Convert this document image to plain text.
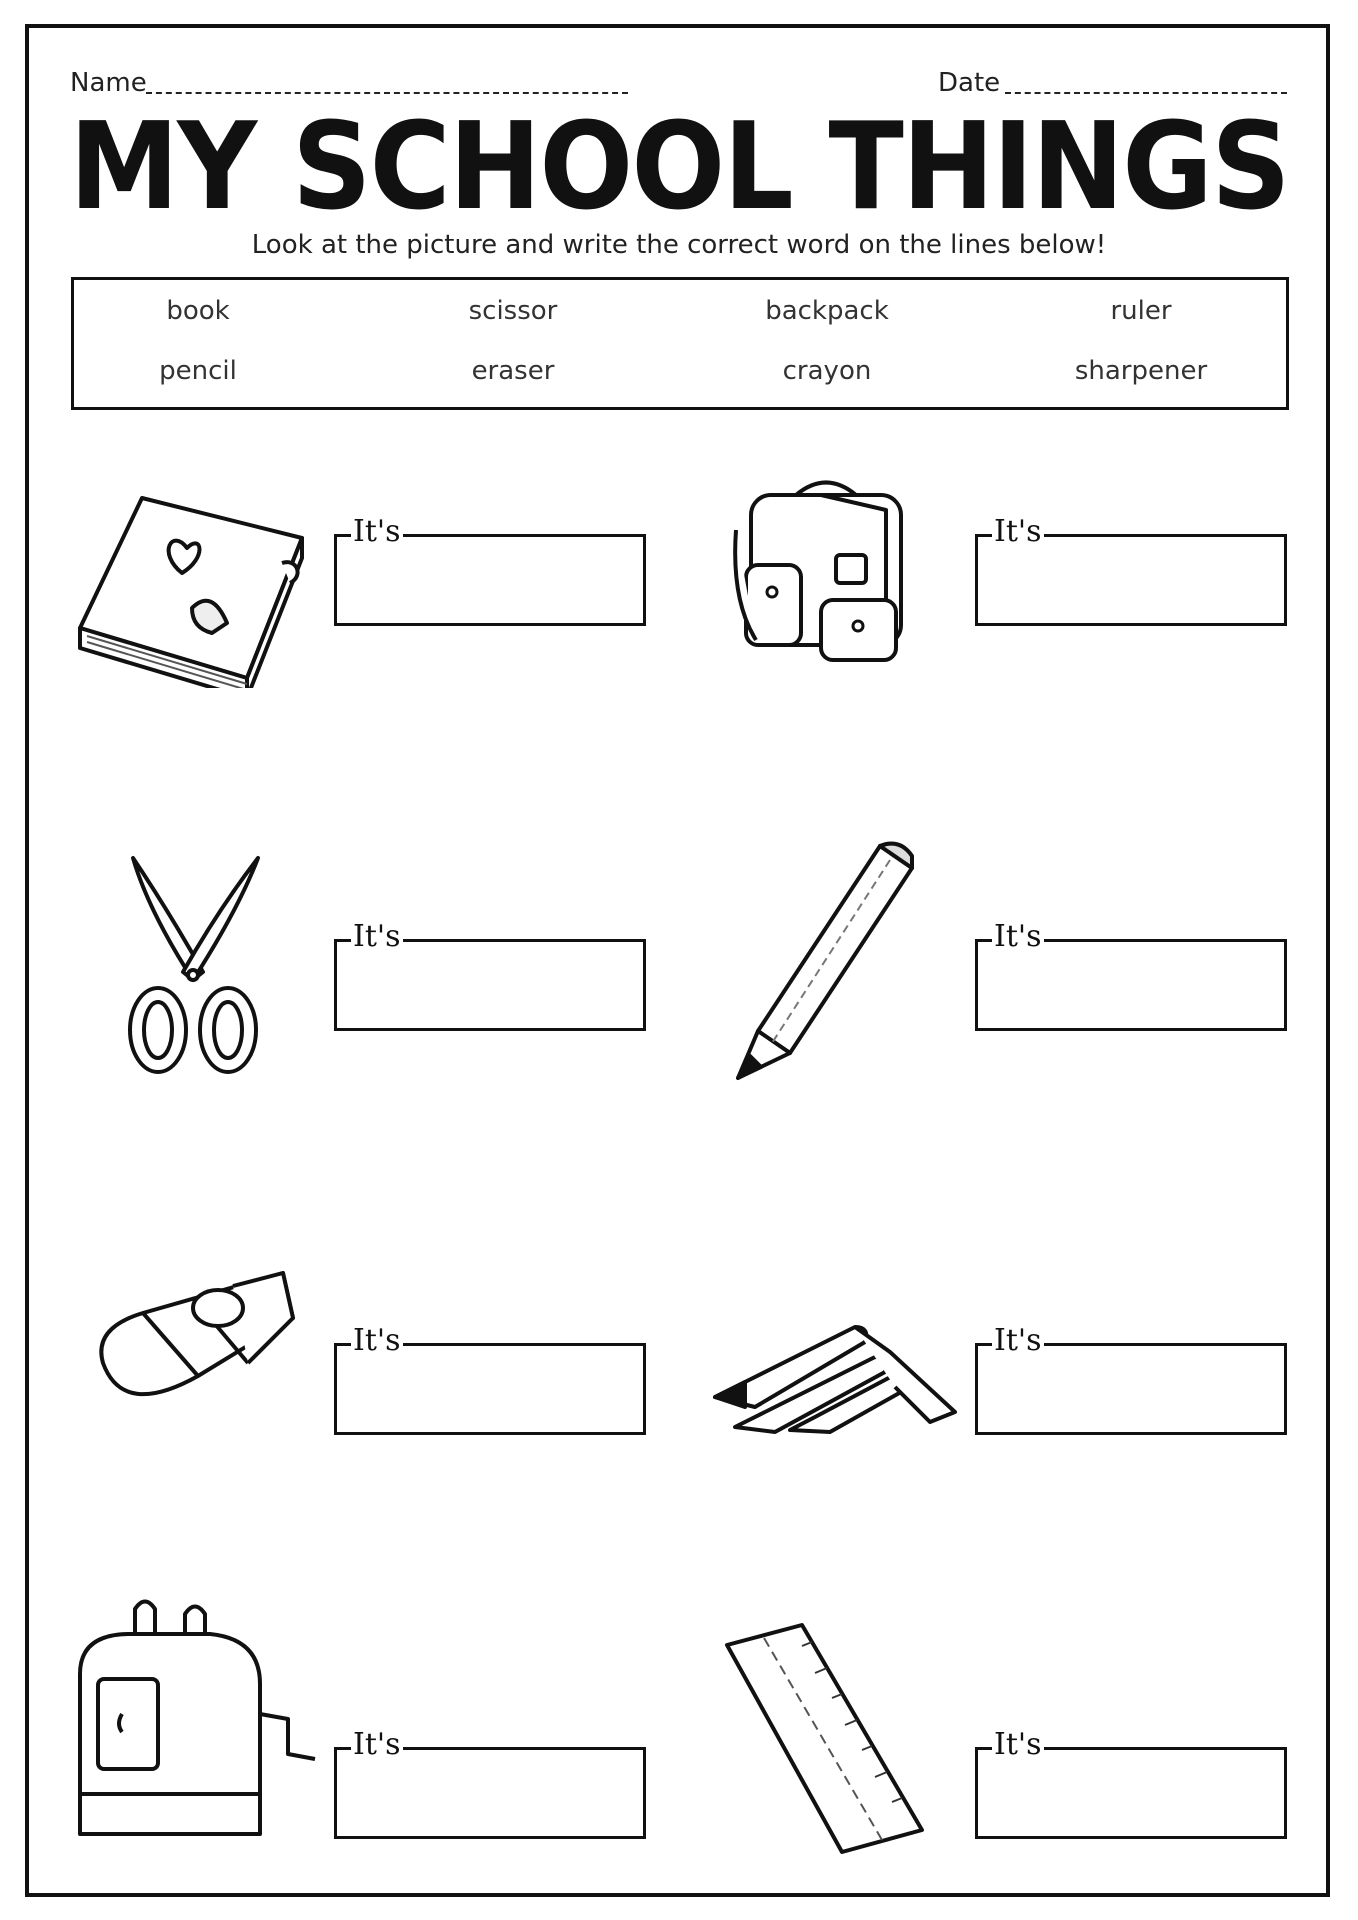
Name	Date
MY SCHOOL THINGS
Look at the picture and write the correct word on the lines below!
book	scissor	backpack	ruler
pencil	eraser	crayon	sharpener
It's	It's
It's	It's
It's	It's
It's	It's
